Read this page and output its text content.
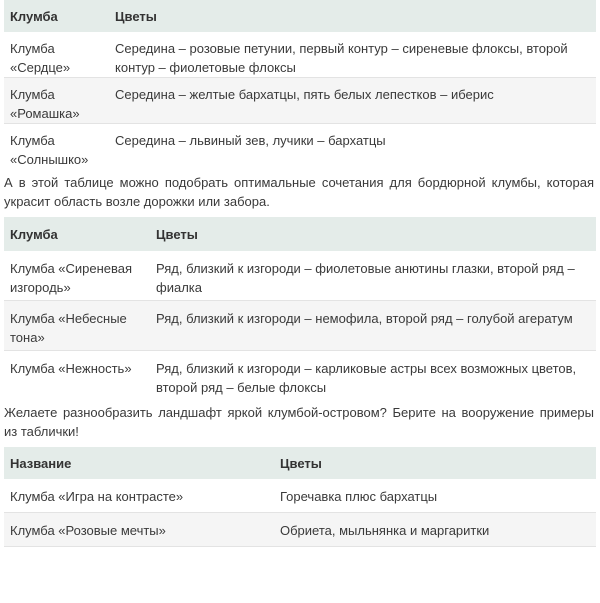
Клумба	Цветы
Клумба «Сердце»	Середина – розовые петунии, первый контур – сиреневые флоксы, второй контур – фиолетовые флоксы
Клумба «Ромашка»	Середина – желтые бархатцы, пять белых лепестков – иберис
Клумба «Солнышко»	Середина – львиный зев, лучики – бархатцы

А в этой таблице можно подобрать оптимальные сочетания для бордюрной клумбы, которая украсит область возле дорожки или забора.

Клумба	Цветы
Клумба «Сиреневая изгородь»	Ряд, близкий к изгороди – фиолетовые анютины глазки, второй ряд – фиалка
Клумба «Небесные тона»	Ряд, близкий к изгороди – немофила, второй ряд – голубой агератум
Клумба «Нежность»	Ряд, близкий к изгороди – карликовые астры всех возможных цветов, второй ряд – белые флоксы

Желаете разнообразить ландшафт яркой клумбой-островом? Берите на вооружение примеры из таблички!

Название	Цветы
Клумба «Игра на контрасте»	Горечавка плюс бархатцы
Клумба «Розовые мечты»	Обриета, мыльнянка и маргаритки
